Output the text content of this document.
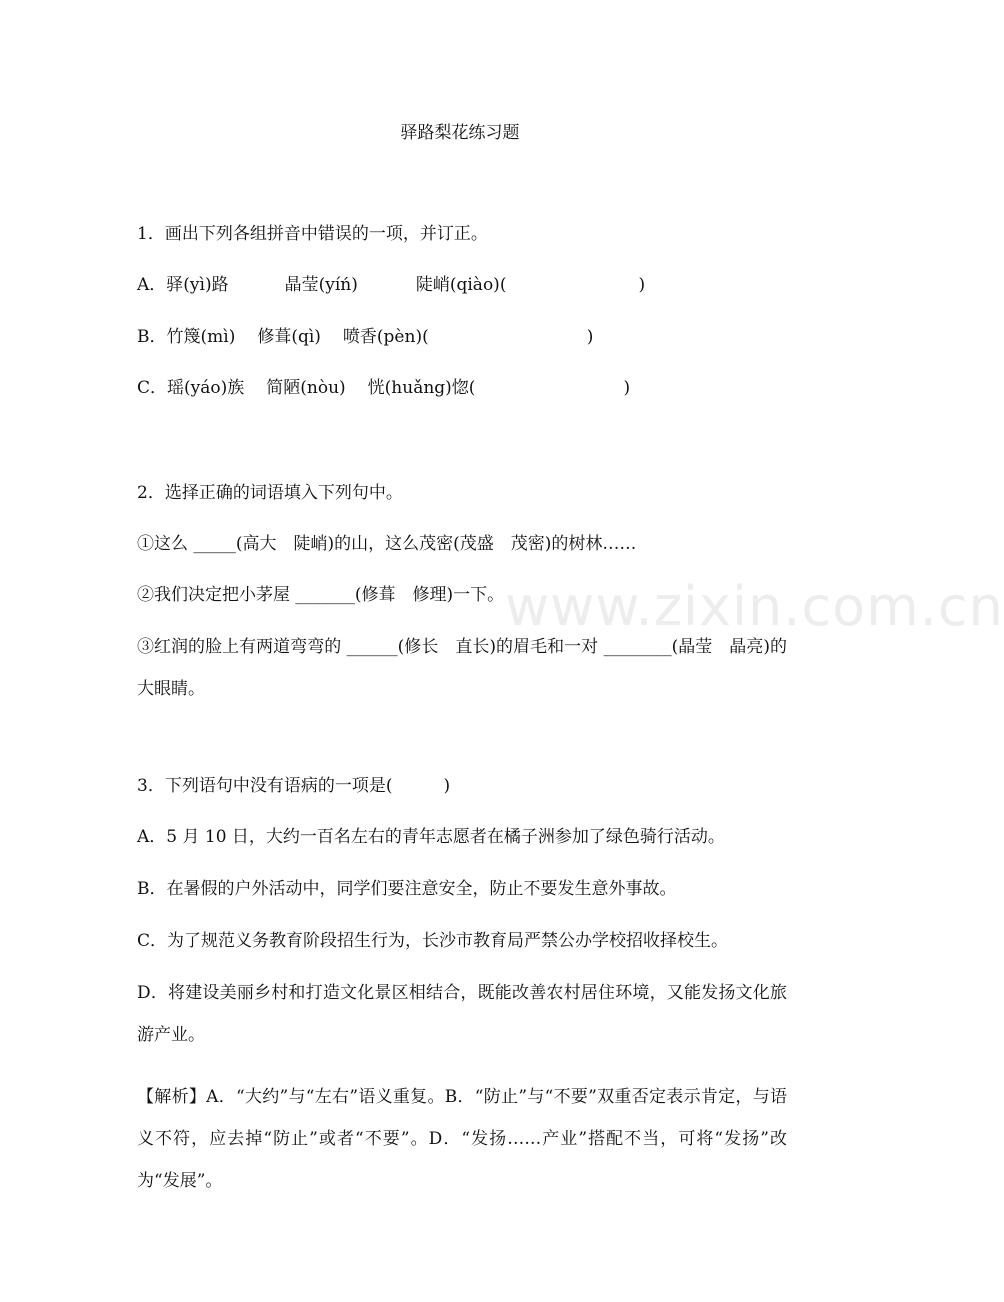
驿路梨花练习题
1．画出下列各组拼音中错误的一项，并订正。
A．驿(yì)路	晶莹(yíń)	陡峭(qiào)(	)
B．竹篾(mì) 修葺(qì) 喷香(pèn)(	)
C．瑶(yáo)族 简陋(nòu) 恍(huǎng)惚(	)
2．选择正确的词语填入下列句中。
①这么 _____(高大　陡峭)的山，这么茂密(茂盛　茂密)的树林……
②我们决定把小茅屋 _______(修葺　修理)一下。
③红润的脸上有两道弯弯的 ______(修长　直长)的眉毛和一对 ________(晶莹　晶亮)的大眼睛。
3．下列语句中没有语病的一项是(　　　)
A．5 月 10 日，大约一百名左右的青年志愿者在橘子洲参加了绿色骑行活动。
B．在暑假的户外活动中，同学们要注意安全，防止不要发生意外事故。
C．为了规范义务教育阶段招生行为，长沙市教育局严禁公办学校招收择校生。
D．将建设美丽乡村和打造文化景区相结合，既能改善农村居住环境，又能发扬文化旅游产业。
【解析】A．“大约”与“左右”语义重复。B．“防止”与“不要”双重否定表示肯定，与语义不符，应去掉“防止”或者“不要”。D．“发扬……产业”搭配不当，可将“发扬”改为“发展”。
www.zixin.com.cn
